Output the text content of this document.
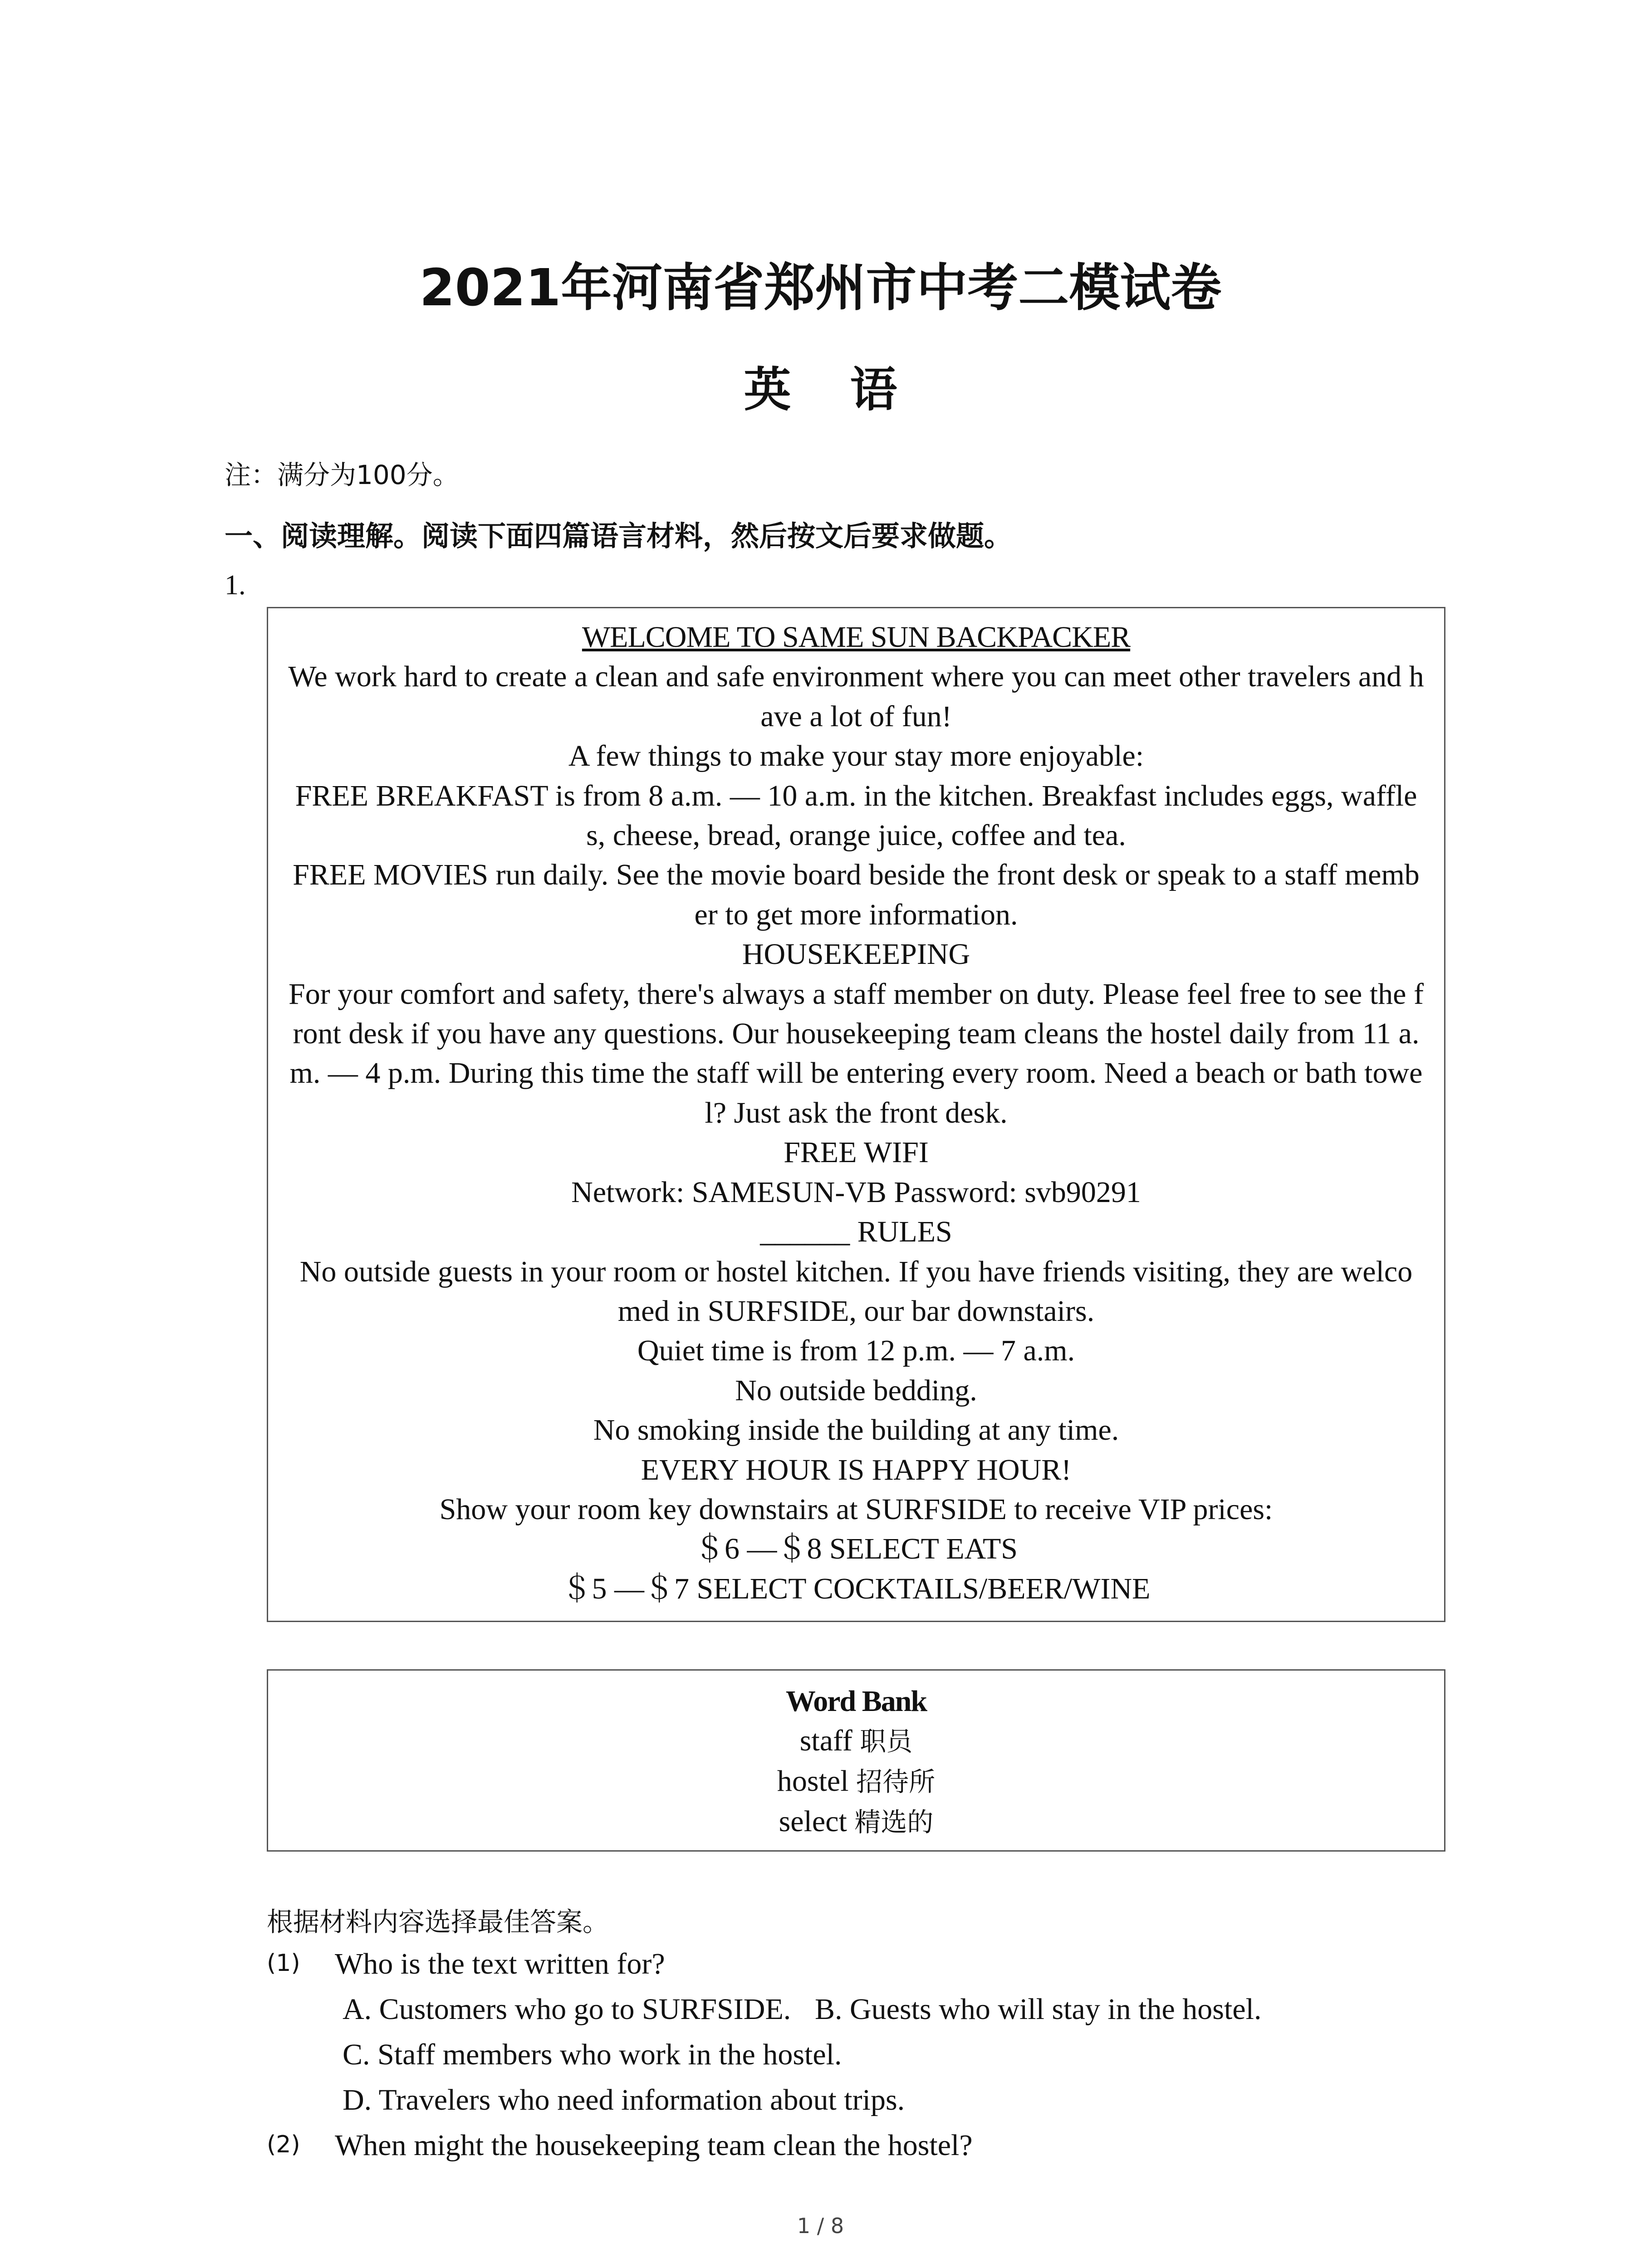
2021年河南省郑州市中考二模试卷
英语
注：满分为100分。
一、阅读理解。阅读下面四篇语言材料，然后按文后要求做题。
1.
WELCOME TO SAME SUN BACKPACKER
We work hard to create a clean and safe environment where you can meet other travelers and h
ave a lot of fun!
A few things to make your stay more enjoyable:
FREE BREAKFAST is from 8 a.m. — 10 a.m. in the kitchen. Breakfast includes eggs, waffle
s, cheese, bread, orange juice, coffee and tea.
FREE MOVIES run daily. See the movie board beside the front desk or speak to a staff memb
er to get more information.
HOUSEKEEPING
For your comfort and safety, there's always a staff member on duty. Please feel free to see the f
ront desk if you have any questions. Our housekeeping team cleans the hostel daily from 11 a.
m. — 4 p.m. During this time the staff will be entering every room. Need a beach or bath towe
l? Just ask the front desk.
FREE WIFI
Network: SAMESUN-VB Password: svb90291
______ RULES
No outside guests in your room or hostel kitchen. If you have friends visiting, they are welco
med in SURFSIDE, our bar downstairs.
Quiet time is from 12 p.m. — 7 a.m.
No outside bedding.
No smoking inside the building at any time.
EVERY HOUR IS HAPPY HOUR!
Show your room key downstairs at SURFSIDE to receive VIP prices:
＄6 —＄8 SELECT EATS
＄5 —＄7 SELECT COCKTAILS/BEER/WINE
Word Bank
staff 职员
hostel 招待所
select 精选的
根据材料内容选择最佳答案。
(1) Who is the text written for?
A. Customers who go to SURFSIDE. B. Guests who will stay in the hostel.
C. Staff members who work in the hostel.
D. Travelers who need information about trips.
(2) When might the housekeeping team clean the hostel?
1 / 8
